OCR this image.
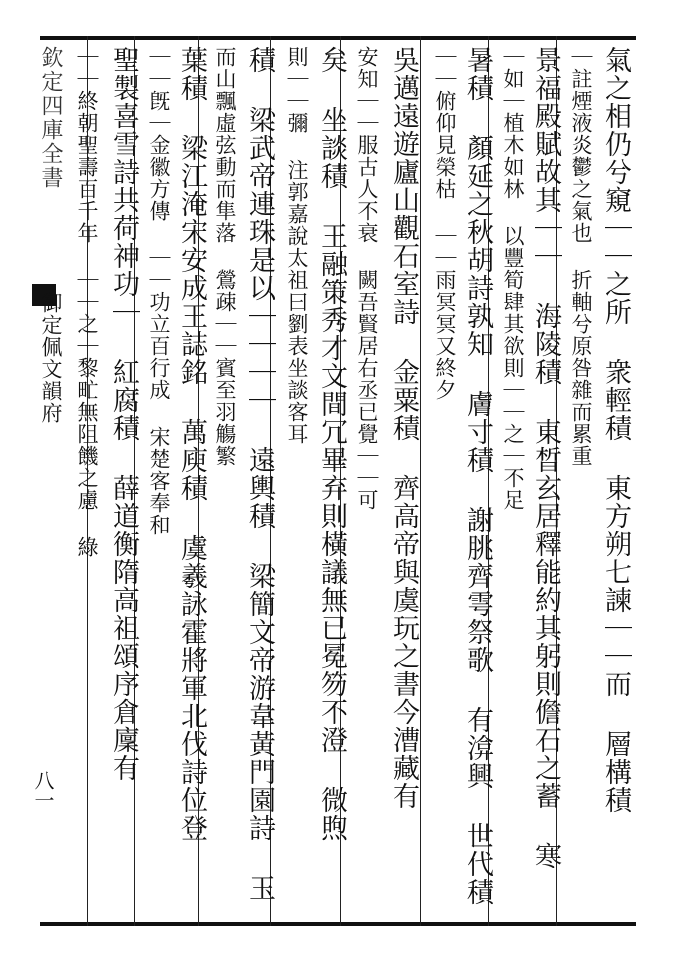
欽定四庫全書
御定佩文韻府
八一	氣之相仍兮窺｜｜之所 衆輕積 東方朔七諫｜｜而 層構積
｜註煙液炎鬱之氣也 折軸兮原咎雜而累重
景福殿賦故其｜｜ 海陵積 東晳玄居釋能約其躬則儋石之蓄 寒
｜如｜植木如林 以豐筍肆其欲則｜｜之｜不足
暑積 顏延之秋胡詩孰知 膚寸積 謝朓齊雩祭歌 有渰興 世代積
｜｜俯仰見榮枯 ｜｜雨冥冥又終夕
吳邁遠遊廬山觀石室詩 金粟積 齊高帝與虞玩之書今漕藏有
安知｜｜服古人不衰 闕吾賢居右丞已覺｜｜可
矣 坐談積 王融策秀才文間冗畢弃則橫議無已冕笏不澄 微煦
則｜｜彌 注郭嘉說太祖曰劉表坐談客耳
積 梁武帝連珠是以｜｜｜｜ 遠輿積 梁簡文帝游韋黃門園詩 玉
而山飄虛弦動而隼落 鶯疎｜｜賓至羽觴繁
葉積 梁江淹宋安成王誌銘 萬庾積 虞羲詠霍將軍北伐詩位登
｜｜旣｜金徽方傳 ｜｜功立百行成 宋楚客奉和
聖製喜雪詩共荷神功｜ 紅腐積 薛道衡隋高祖頌序倉廩有
｜｜終朝聖壽百千年 ｜｜之｜黎甿無阻饑之慮 綠
